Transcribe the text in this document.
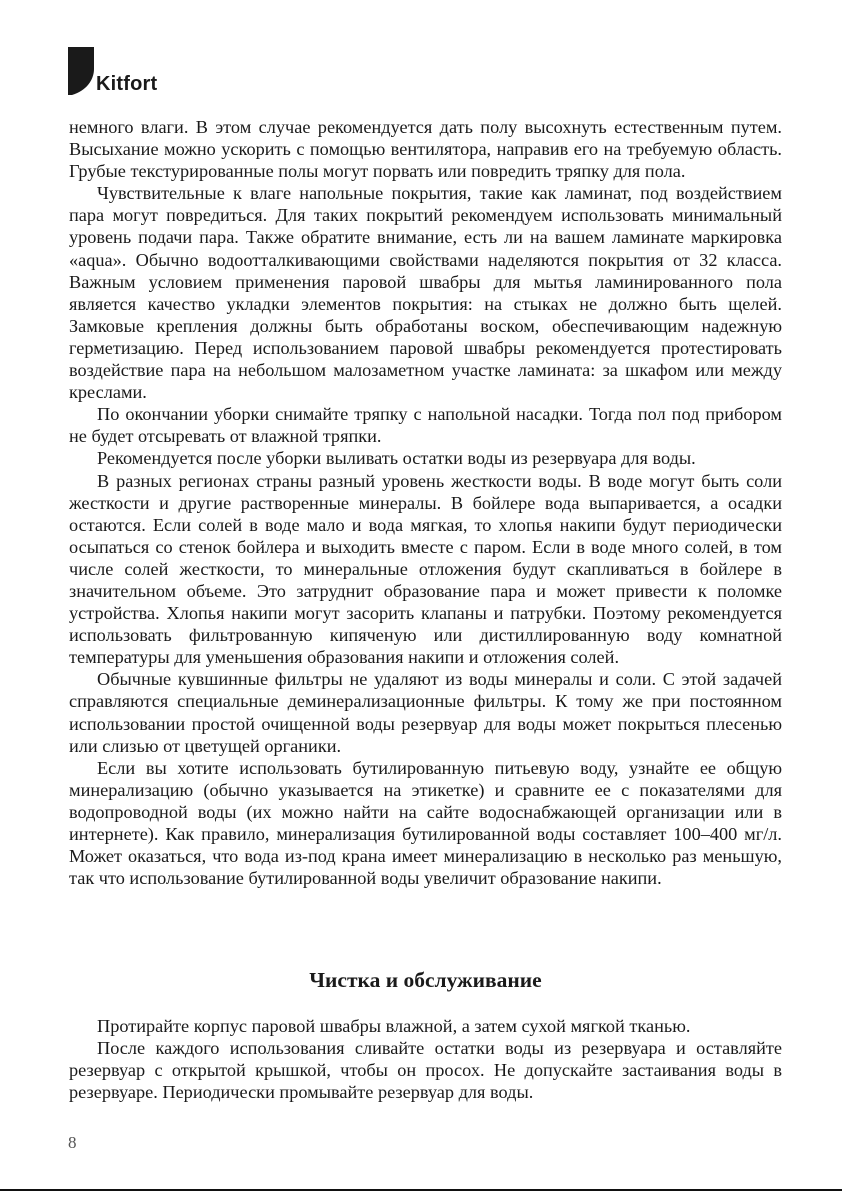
Kitfort

немного влаги. В этом случае рекомендуется дать полу высохнуть естественным путем. Высыхание можно ускорить с помощью вентилятора, направив его на требуемую область. Грубые текстурированные полы могут порвать или повредить тряпку для пола.

Чувствительные к влаге напольные покрытия, такие как ламинат, под воздействием пара могут повредиться. Для таких покрытий рекомендуем использовать минимальный уровень подачи пара. Также обратите внимание, есть ли на вашем ламинате маркировка «aqua». Обычно водоотталкивающими свойствами наделяются покрытия от 32 класса. Важным условием применения паровой швабры для мытья ламинированного пола является качество укладки элементов покрытия: на стыках не должно быть щелей. Замковые крепления должны быть обработаны воском, обеспечивающим надежную герметизацию. Перед использованием паровой швабры рекомендуется протестировать воздействие пара на небольшом малозаметном участке ламината: за шкафом или между креслами.

По окончании уборки снимайте тряпку с напольной насадки. Тогда пол под прибором не будет отсыревать от влажной тряпки.

Рекомендуется после уборки выливать остатки воды из резервуара для воды.

В разных регионах страны разный уровень жесткости воды. В воде могут быть соли жесткости и другие растворенные минералы. В бойлере вода выпаривается, а осадки остаются. Если солей в воде мало и вода мягкая, то хлопья накипи будут периодически осыпаться со стенок бойлера и выходить вместе с паром. Если в воде много солей, в том числе солей жесткости, то минеральные отложения будут скапливаться в бойлере в значительном объеме. Это затруднит образование пара и может привести к поломке устройства. Хлопья накипи могут засорить клапаны и патрубки. Поэтому рекомендуется использовать фильтрованную кипяченую или дистиллированную воду комнатной температуры для уменьшения образования накипи и отложения солей.

Обычные кувшинные фильтры не удаляют из воды минералы и соли. С этой задачей справляются специальные деминерализационные фильтры. К тому же при постоянном использовании простой очищенной воды резервуар для воды может покрыться плесенью или слизью от цветущей органики.

Если вы хотите использовать бутилированную питьевую воду, узнайте ее общую минерализацию (обычно указывается на этикетке) и сравните ее с показателями для водопроводной воды (их можно найти на сайте водоснабжающей организации или в интернете). Как правило, минерализация бутилированной воды составляет 100–400 мг/л. Может оказаться, что вода из-под крана имеет минерализацию в несколько раз меньшую, так что использование бутилированной воды увеличит образование накипи.

Чистка и обслуживание

Протирайте корпус паровой швабры влажной, а затем сухой мягкой тканью.

После каждого использования сливайте остатки воды из резервуара и оставляйте резервуар с открытой крышкой, чтобы он просох. Не допускайте застаивания воды в резервуаре. Периодически промывайте резервуар для воды.

8
